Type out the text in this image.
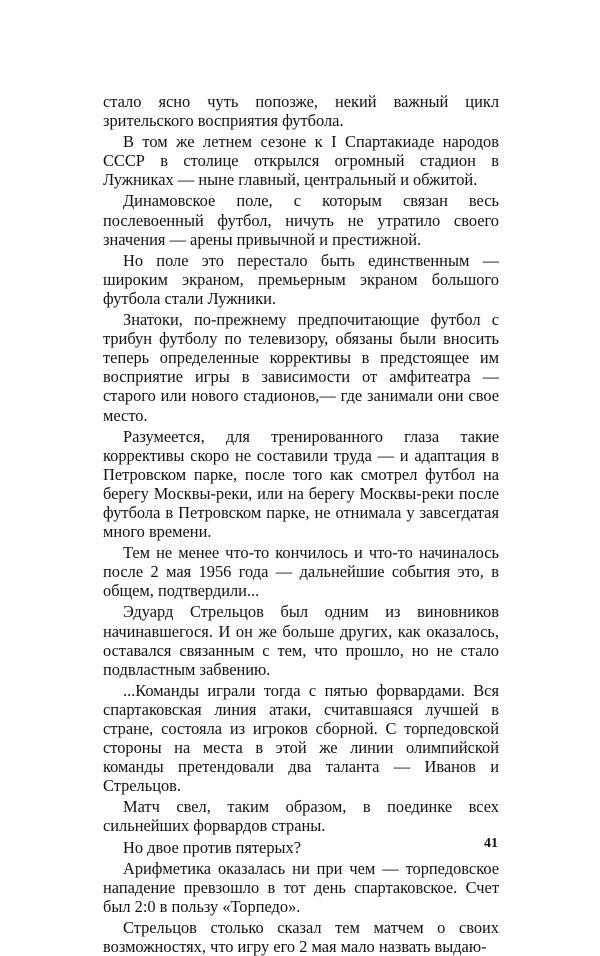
стало ясно чуть попозже, некий важный цикл зрительского восприятия футбола.

В том же летнем сезоне к I Спартакиаде народов СССР в столице открылся огромный стадион в Лужниках — ныне главный, центральный и обжитой.

Динамовское поле, с которым связан весь послевоенный футбол, ничуть не утратило своего значения — арены привычной и престижной.

Но поле это перестало быть единственным — широким экраном, премьерным экраном большого футбола стали Лужники.

Знатоки, по-прежнему предпочитающие футбол с трибун футболу по телевизору, обязаны были вносить теперь определенные коррективы в предстоящее им восприятие игры в зависимости от амфитеатра — старого или нового стадионов,— где занимали они свое место.

Разумеется, для тренированного глаза такие коррективы скоро не составили труда — и адаптация в Петровском парке, после того как смотрел футбол на берегу Москвы-реки, или на берегу Москвы-реки после футбола в Петровском парке, не отнимала у завсегдатая много времени.

Тем не менее что-то кончилось и что-то начиналось после 2 мая 1956 года — дальнейшие события это, в общем, подтвердили...

Эдуард Стрельцов был одним из виновников начинавшегося. И он же больше других, как оказалось, оставался связанным с тем, что прошло, но не стало подвластным забвению.

...Команды играли тогда с пятью форвардами. Вся спартаковская линия атаки, считавшаяся лучшей в стране, состояла из игроков сборной. С торпедовской стороны на места в этой же линии олимпийской команды претендовали два таланта — Иванов и Стрельцов.

Матч свел, таким образом, в поединке всех сильнейших форвардов страны.

Но двое против пятерых?

Арифметика оказалась ни при чем — торпедовское нападение превзошло в тот день спартаковское. Счет был 2:0 в пользу «Торпедо».

Стрельцов столько сказал тем матчем о своих возможностях, что игру его 2 мая мало назвать выдаю-

41
